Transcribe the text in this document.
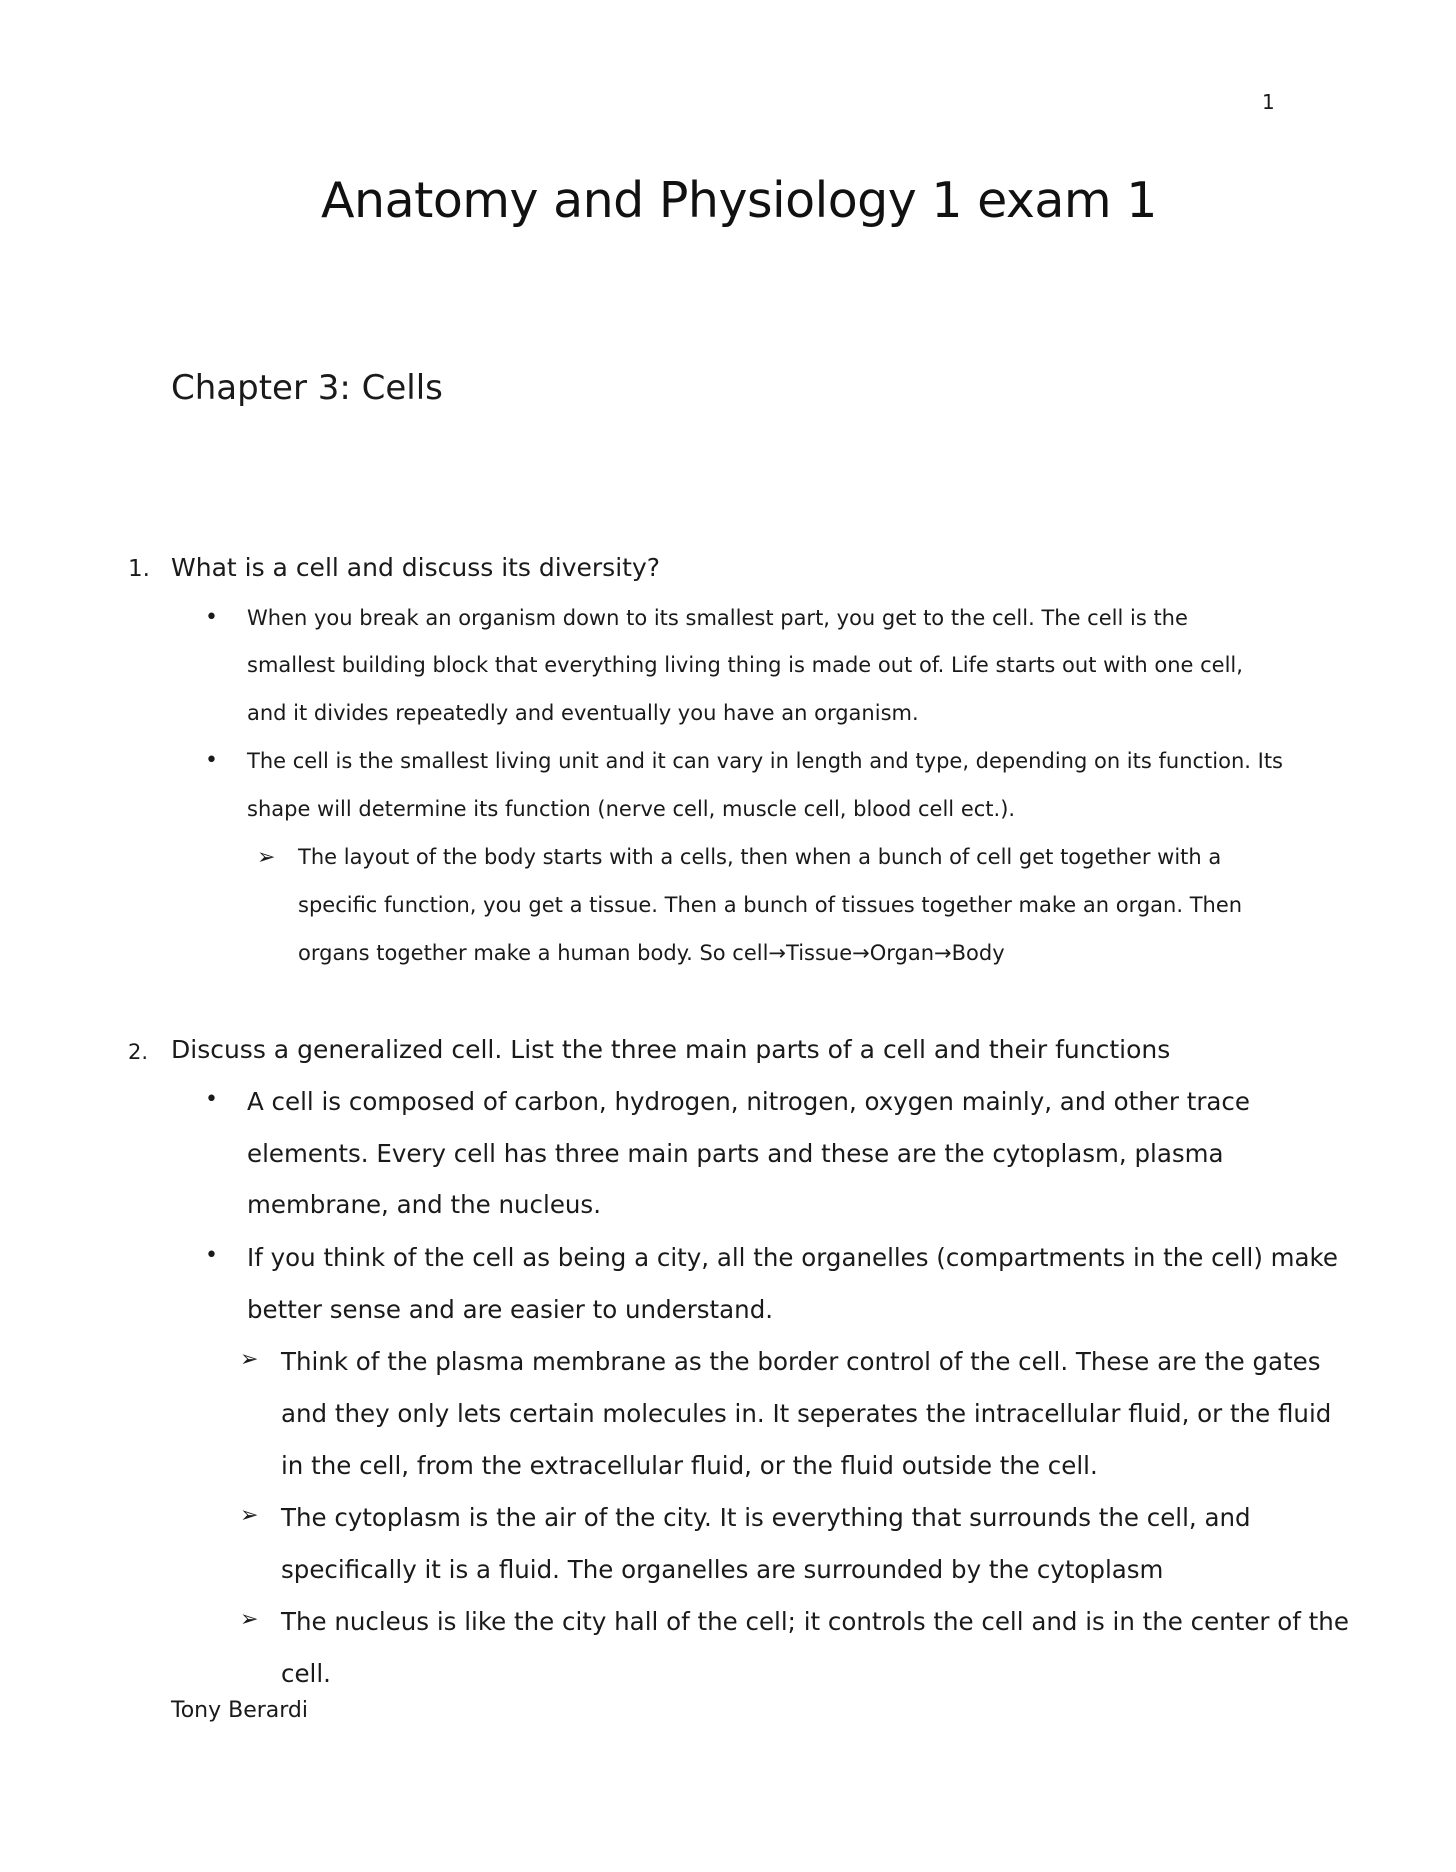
1
Anatomy and Physiology 1 exam 1
Chapter 3: Cells
1. What is a cell and discuss its diversity?
• When you break an organism down to its smallest part, you get to the cell. The cell is the
smallest building block that everything living thing is made out of. Life starts out with one cell,
and it divides repeatedly and eventually you have an organism.
• The cell is the smallest living unit and it can vary in length and type, depending on its function. Its
shape will determine its function (nerve cell, muscle cell, blood cell ect.).
➢ The layout of the body starts with a cells, then when a bunch of cell get together with a
specific function, you get a tissue. Then a bunch of tissues together make an organ. Then
organs together make a human body. So cell→Tissue→Organ→Body
2. Discuss a generalized cell. List the three main parts of a cell and their functions
• A cell is composed of carbon, hydrogen, nitrogen, oxygen mainly, and other trace
elements. Every cell has three main parts and these are the cytoplasm, plasma
membrane, and the nucleus.
• If you think of the cell as being a city, all the organelles (compartments in the cell) make
better sense and are easier to understand.
➢ Think of the plasma membrane as the border control of the cell. These are the gates
and they only lets certain molecules in. It seperates the intracellular fluid, or the fluid
in the cell, from the extracellular fluid, or the fluid outside the cell.
➢ The cytoplasm is the air of the city. It is everything that surrounds the cell, and
specifically it is a fluid. The organelles are surrounded by the cytoplasm
➢ The nucleus is like the city hall of the cell; it controls the cell and is in the center of the
cell.
Tony Berardi
